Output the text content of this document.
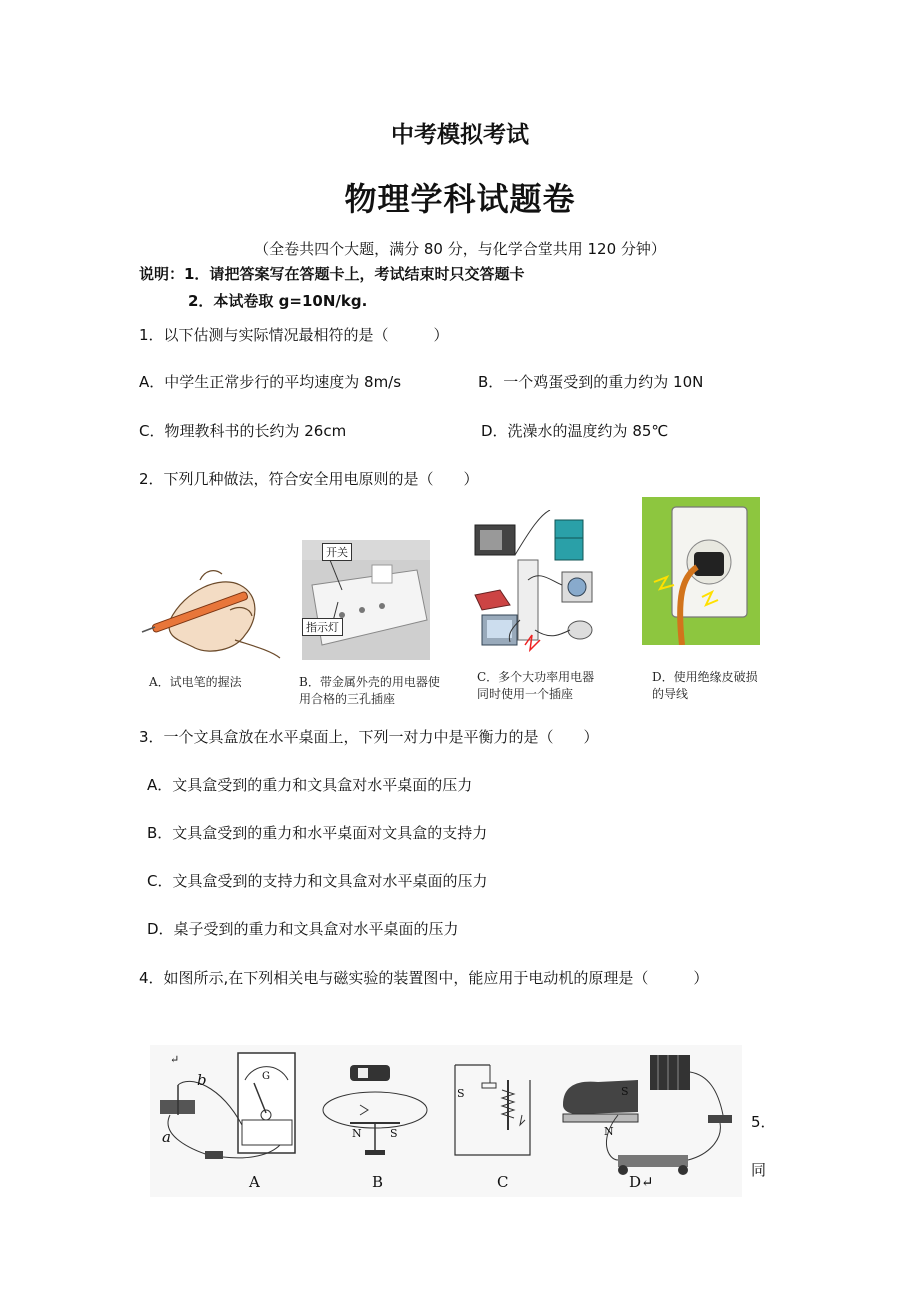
中考模拟考试
物理学科试题卷
（全卷共四个大题，满分 80 分，与化学合堂共用 120 分钟）
说明：1．请把答案写在答题卡上，考试结束时只交答题卡
2．本试卷取 g=10N/kg.
1．以下估测与实际情况最相符的是（　　　）
A．中学生正常步行的平均速度为 8m/s	B．一个鸡蛋受到的重力约为 10N
C．物理教科书的长约为 26cm	D．洗澡水的温度约为 85℃
2．下列几种做法，符合安全用电原则的是（　　）
开关
指示灯
A．试电笔的握法	B．带金属外壳的用电器使用合格的三孔插座
C．多个大功率用电器同时使用一个插座
D．使用绝缘皮破损的导线
3．一个文具盒放在水平桌面上，下列一对力中是平衡力的是（　　）
A．文具盒受到的重力和文具盒对水平桌面的压力
B．文具盒受到的重力和水平桌面对文具盒的支持力
C．文具盒受到的支持力和文具盒对水平桌面的压力
D．桌子受到的重力和文具盒对水平桌面的压力
4．如图所示,在下列相关电与磁实验的装置图中，能应用于电动机的原理是（　　　）
↵
b
a
G
N	S
S	S
N
A	B	C	D↵
5．
同
